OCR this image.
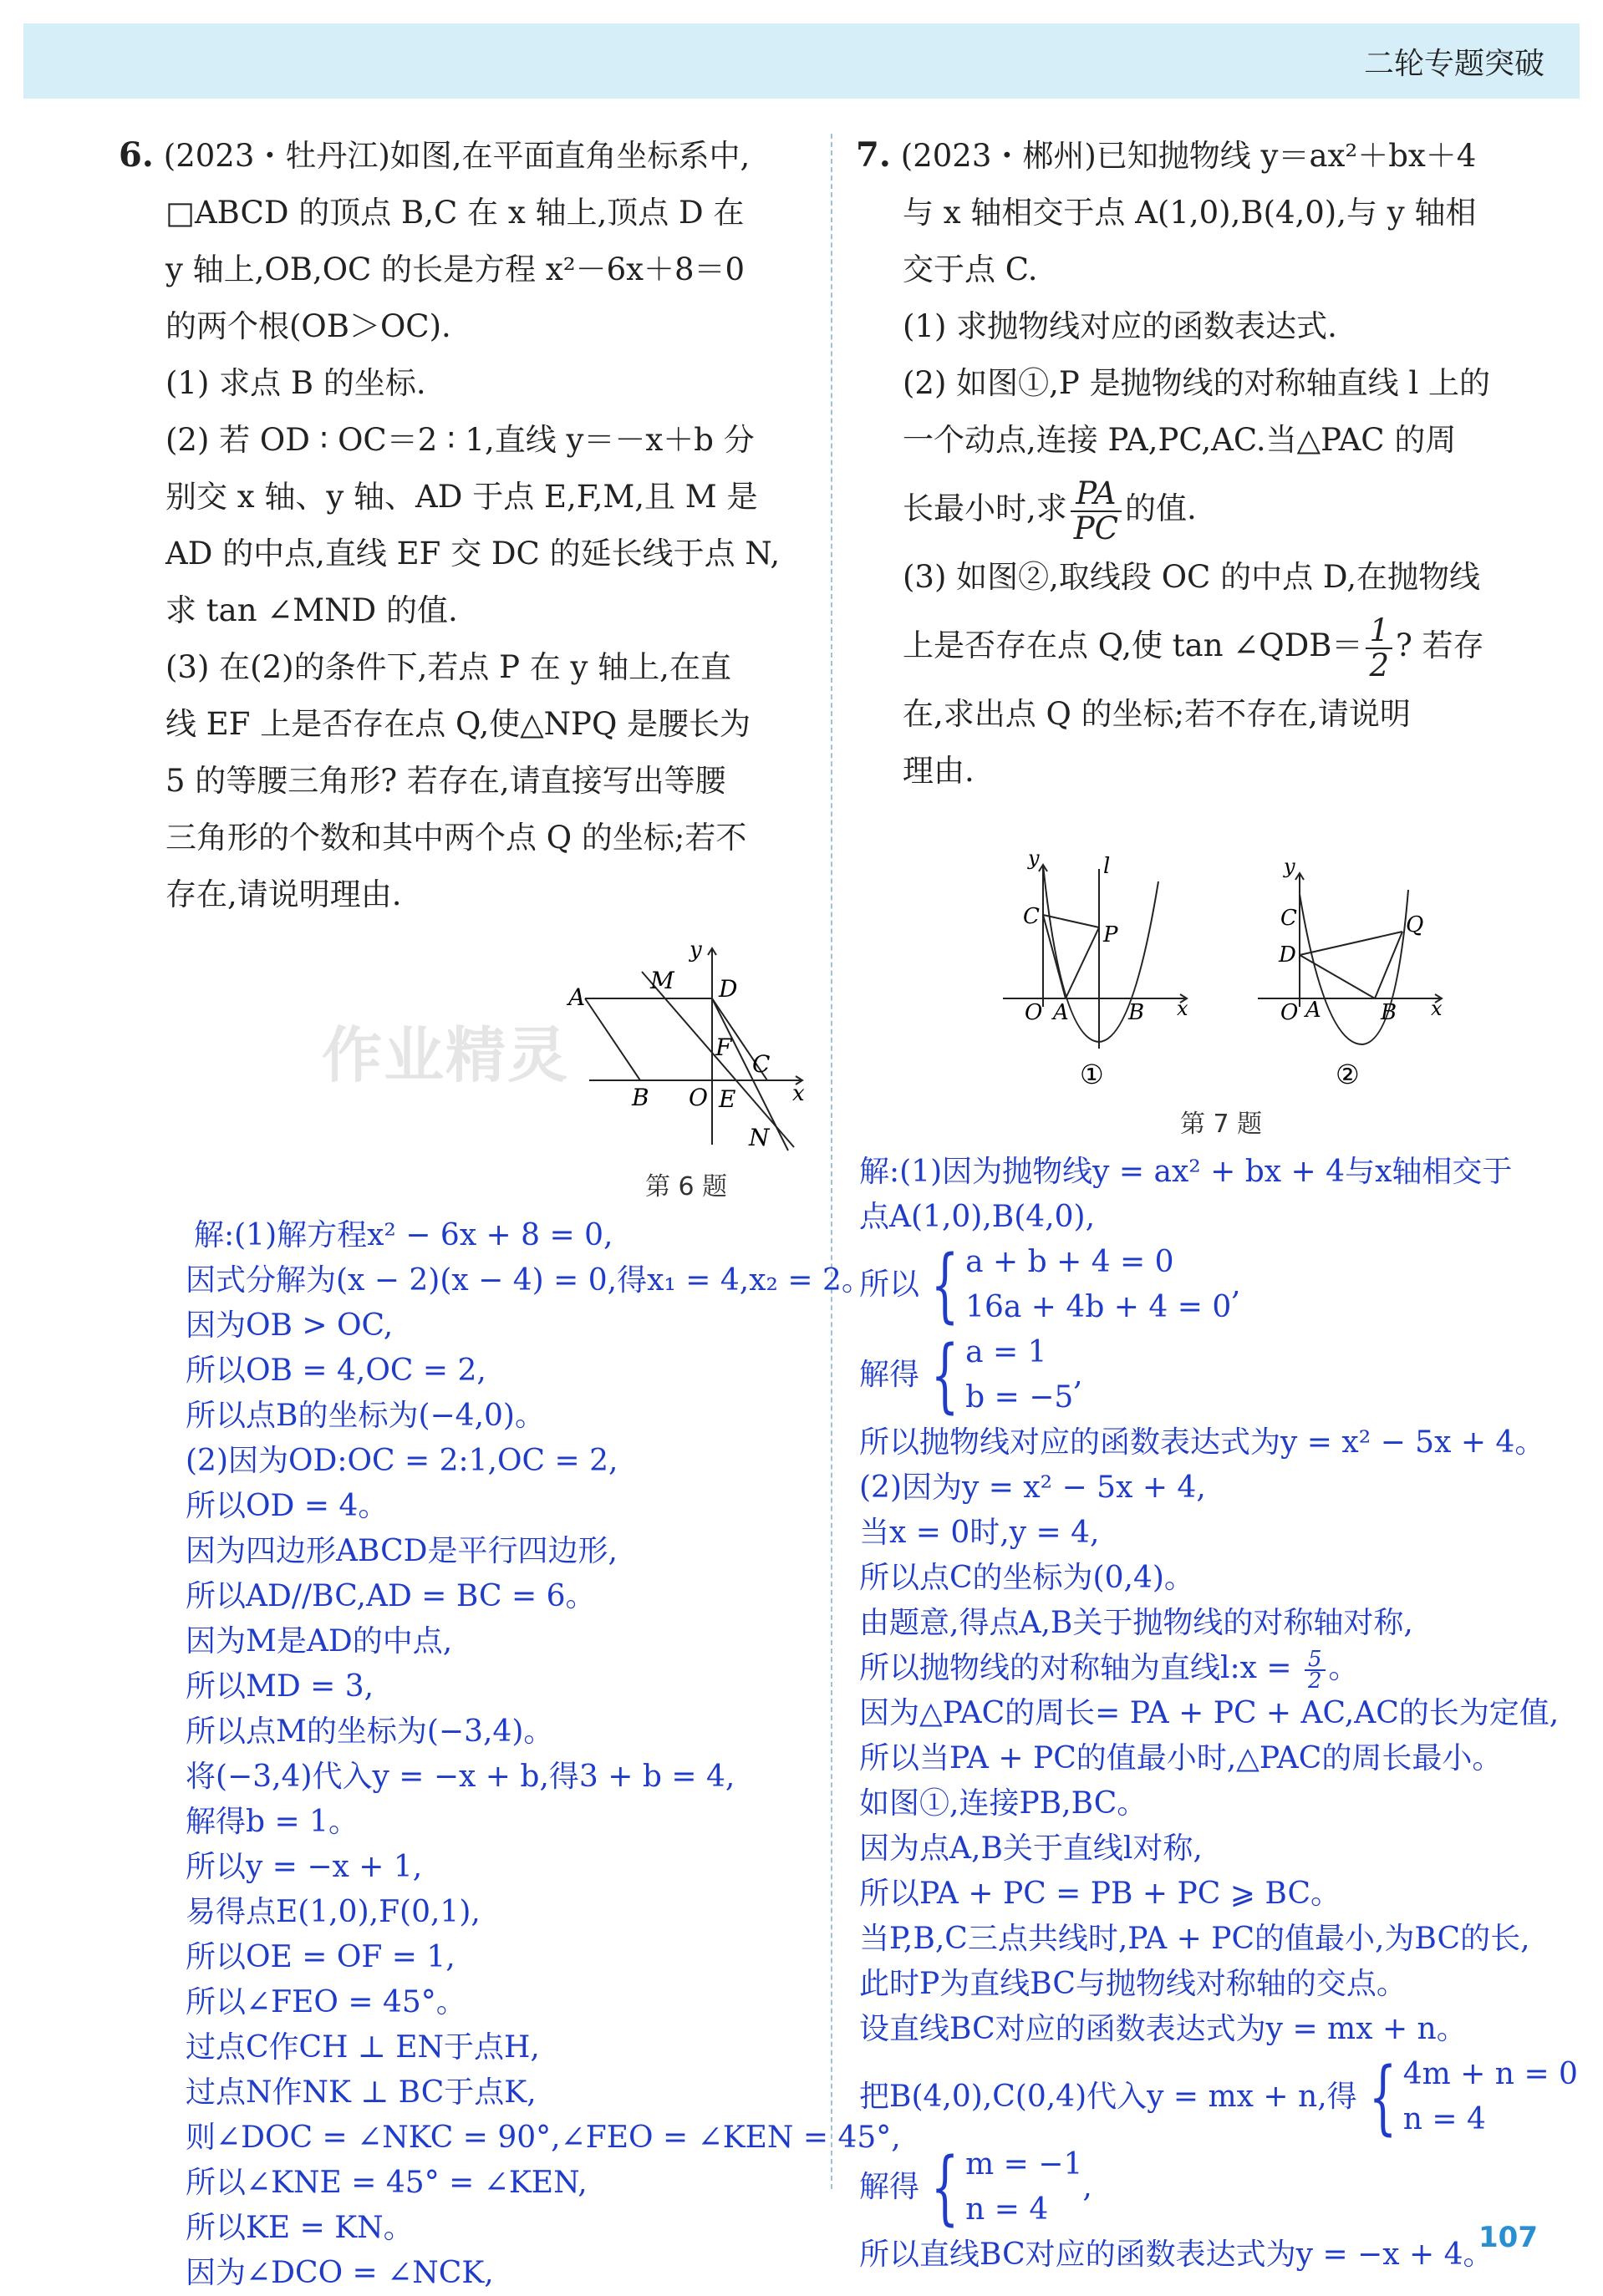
二轮专题突破

6. (2023・牡丹江)如图,在平面直角坐标系中,

□ABCD 的顶点 B,C 在 x 轴上,顶点 D 在

y 轴上,OB,OC 的长是方程 x²－6x＋8＝0

的两个根(OB＞OC).

(1) 求点 B 的坐标.

(2) 若 OD ∶ OC＝2 ∶ 1,直线 y＝－x＋b 分

别交 x 轴、y 轴、AD 于点 E,F,M,且 M 是

AD 的中点,直线 EF 交 DC 的延长线于点 N,

求 tan ∠MND 的值.

(3) 在(2)的条件下,若点 P 在 y 轴上,在直

线 EF 上是否存在点 Q,使△NPQ 是腰长为

5 的等腰三角形? 若存在,请直接写出等腰

三角形的个数和其中两个点 Q 的坐标;若不

存在,请说明理由.

作业精灵
A
M D
y
F
C
B O E	x
N
第 6 题

7. (2023・郴州)已知抛物线 y＝ax²＋bx＋4

与 x 轴相交于点 A(1,0),B(4,0),与 y 轴相

交于点 C.

(1) 求抛物线对应的函数表达式.

(2) 如图①,P 是抛物线的对称轴直线 l 上的

一个动点,连接 PA,PC,AC.当△PAC 的周

长最小时,求 $\frac{PA}{PC}$ 的值.

(3) 如图②,取线段 OC 的中点 D,在抛物线

上是否存在点 Q,使 tan ∠QDB＝ $\frac{1}{2}$ ? 若存

在,求出点 Q 的坐标;若不存在,请说明

理由.

y	l
C
P
O A	B x
y
C
D
Q
O A	B x
①	②
第 7 题
解:(1)解方程x² − 6x + 8 = 0,
因式分解为(x − 2)(x − 4) = 0,得x₁ = 4,x₂ = 2。
因为OB > OC,
所以OB = 4,OC = 2,
所以点B的坐标为(−4,0)。
(2)因为OD:OC = 2:1,OC = 2,
所以OD = 4。
因为四边形ABCD是平行四边形,
所以AD//BC,AD = BC = 6。
因为M是AD的中点,
所以MD = 3,
所以点M的坐标为(−3,4)。
将(−3,4)代入y = −x + b,得3 + b = 4,
解得b = 1。
所以y = −x + 1,
易得点E(1,0),F(0,1),
所以OE = OF = 1,
所以∠FEO = 45°。
过点C作CH ⊥ EN于点H,
过点N作NK ⊥ BC于点K,
则∠DOC = ∠NKC = 90°,∠FEO = ∠KEN = 45°,
所以∠KNE = 45° = ∠KEN,
所以KE = KN。
因为∠DCO = ∠NCK,
解:(1)因为抛物线y = ax² + bx + 4与x轴相交于
点A(1,0),B(4,0),
所以 { a + b + 4 = 0
16a + 4b + 4 = 0
,
解得 { a = 1
b = −5
,
所以抛物线对应的函数表达式为y = x² − 5x + 4。
(2)因为y = x² − 5x + 4,
当x = 0时,y = 4,
所以点C的坐标为(0,4)。
由题意,得点A,B关于抛物线的对称轴对称,
所以抛物线的对称轴为直线l:x = $\frac{5}{2}$ 。
因为△PAC的周长= PA + PC + AC,AC的长为定值,
所以当PA + PC的值最小时,△PAC的周长最小。
如图①,连接PB,BC。
因为点A,B关于直线l对称,
所以PA + PC = PB + PC ⩾ BC。
当P,B,C三点共线时,PA + PC的值最小,为BC的长,
此时P为直线BC与抛物线对称轴的交点。
设直线BC对应的函数表达式为y = mx + n。
把B(4,0),C(0,4)代入y = mx + n,得 { 4m + n = 0
n = 4
解得 { m = −1
n = 4
,
所以直线BC对应的函数表达式为y = −x + 4。
107
